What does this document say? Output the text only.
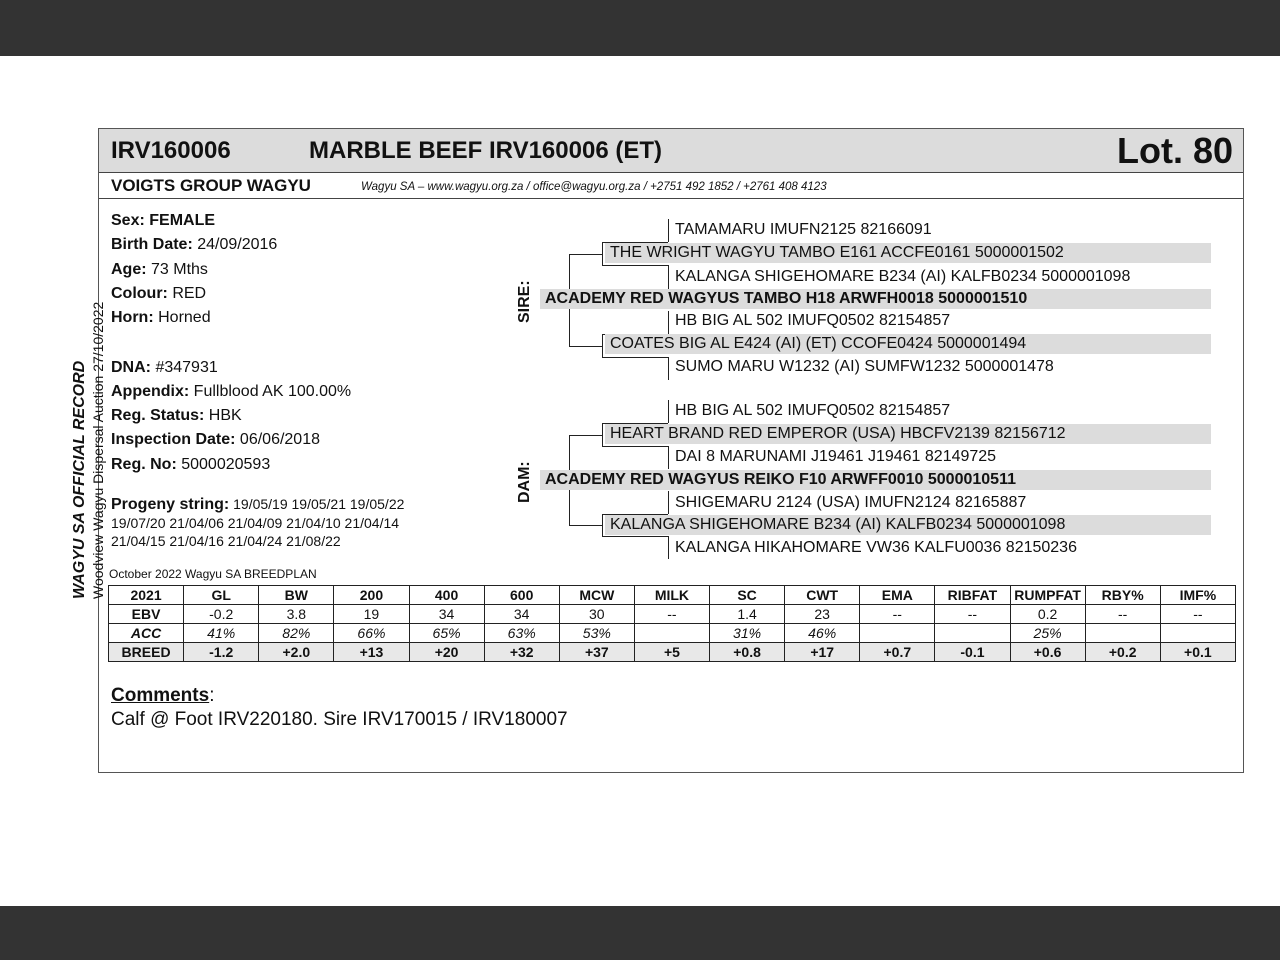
IRV160006	MARBLE BEEF IRV160006 (ET)	Lot. 80
VOIGTS GROUP WAGYU	Wagyu SA – www.wagyu.org.za / office@wagyu.org.za / +2751 492 1852 / +2761 408 4123
WAGYU SA OFFICIAL RECORD Woodview Wagyu Dispersal Auction 27/10/2022
Sex: FEMALE
Birth Date: 24/09/2016
Age: 73 Mths
Colour: RED
Horn: Horned
DNA: #347931
Appendix: Fullblood AK 100.00%
Reg. Status: HBK
Inspection Date: 06/06/2018
Reg. No: 5000020593
Progeny string: 19/05/19 19/05/21 19/05/22
19/07/20 21/04/06 21/04/09 21/04/10 21/04/14
21/04/15 21/04/16 21/04/24 21/08/22
SIRE:
DAM:
TAMAMARU IMUFN2125 82166091
THE WRIGHT WAGYU TAMBO E161 ACCFE0161 5000001502
KALANGA SHIGEHOMARE B234 (AI) KALFB0234 5000001098
ACADEMY RED WAGYUS TAMBO H18 ARWFH0018 5000001510
HB BIG AL 502 IMUFQ0502 82154857
COATES BIG AL E424 (AI) (ET) CCOFE0424 5000001494
SUMO MARU W1232 (AI) SUMFW1232 5000001478
HB BIG AL 502 IMUFQ0502 82154857
HEART BRAND RED EMPEROR (USA) HBCFV2139 82156712
DAI 8 MARUNAMI J19461 J19461 82149725
ACADEMY RED WAGYUS REIKO F10 ARWFF0010 5000010511
SHIGEMARU 2124 (USA) IMUFN2124 82165887
KALANGA SHIGEHOMARE B234 (AI) KALFB0234 5000001098
KALANGA HIKAHOMARE VW36 KALFU0036 82150236
October 2022 Wagyu SA BREEDPLAN
2021	GL	BW	200	400	600	MCW	MILK	SC	CWT	EMA	RIBFAT	RUMPFAT	RBY%	IMF%
EBV	-0.2	3.8	19	34	34	30	--	1.4	23	--	--	0.2	--	--
ACC	41%	82%	66%	65%	63%	53%		31%	46%			25%		
BREED	-1.2	+2.0	+13	+20	+32	+37	+5	+0.8	+17	+0.7	-0.1	+0.6	+0.2	+0.1
Comments:
Calf @ Foot IRV220180. Sire IRV170015 / IRV180007
